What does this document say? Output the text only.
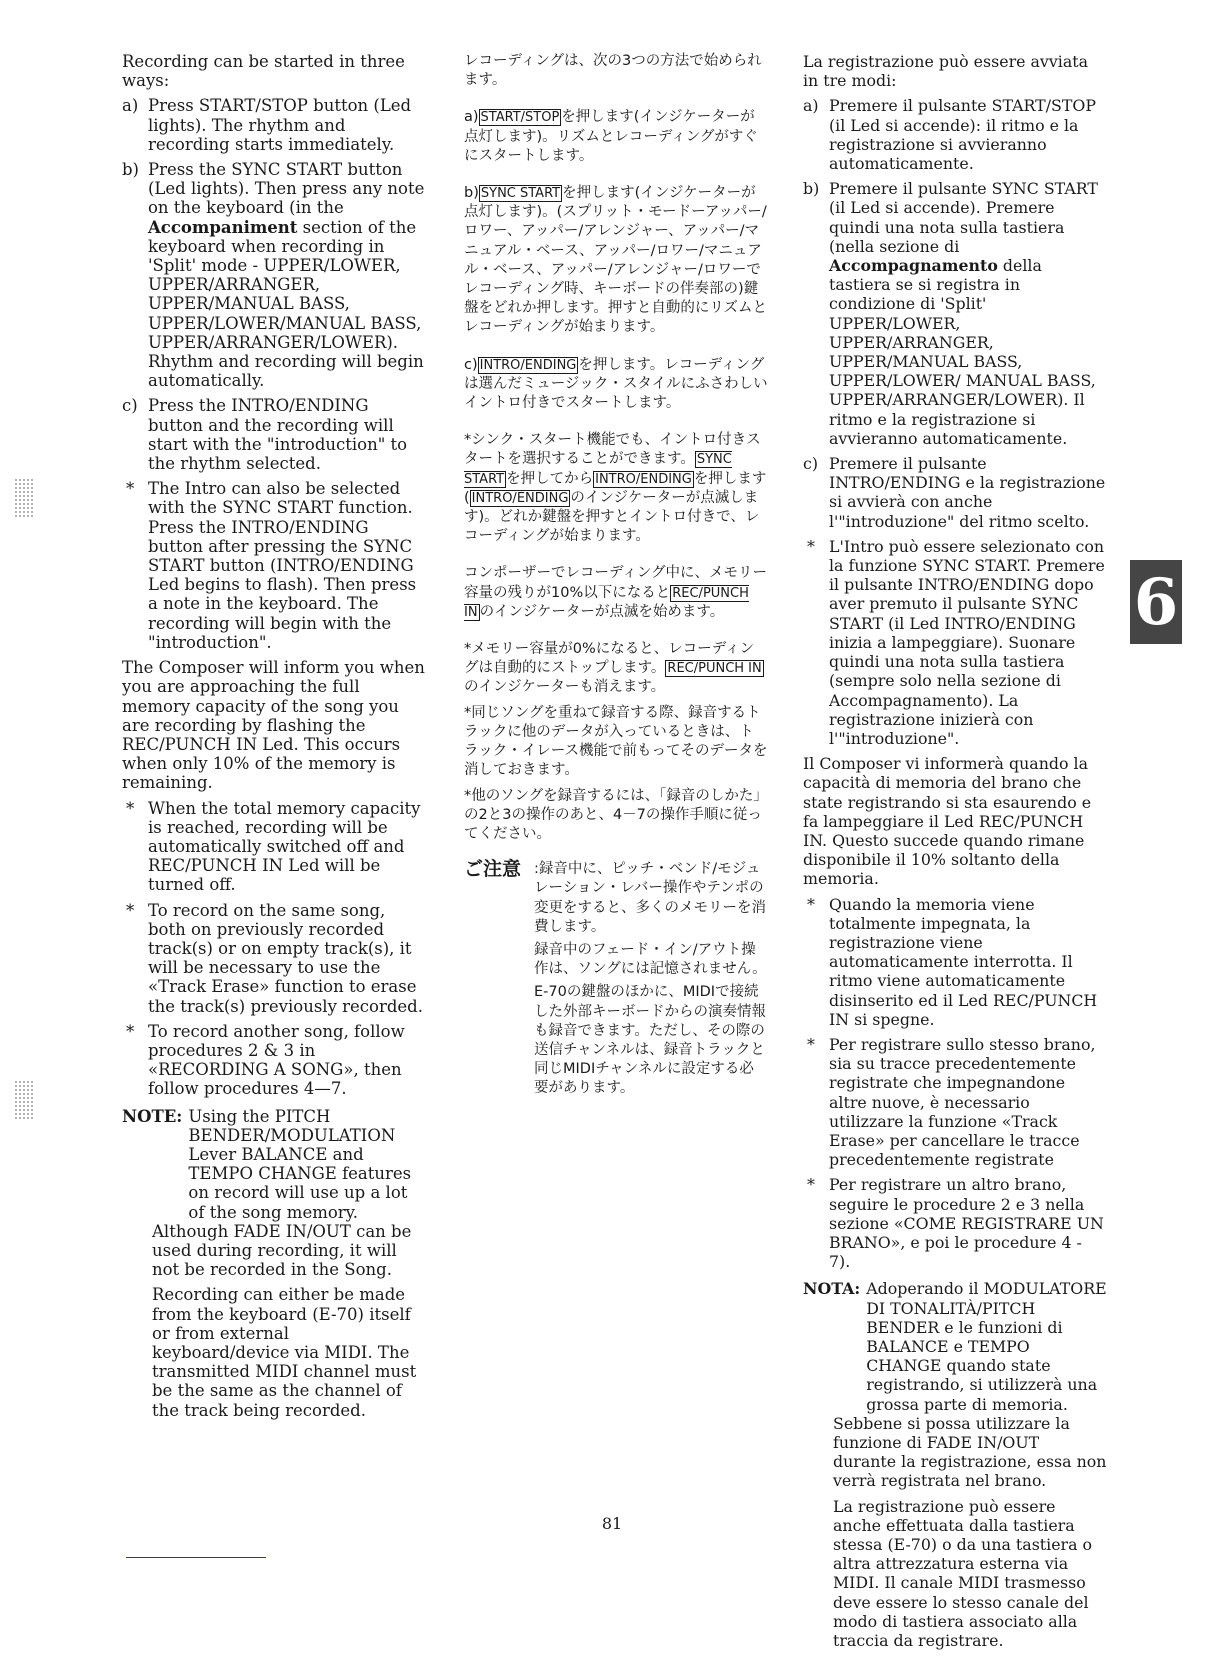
Recording can be started in three ways:

a) Press START/STOP button (Led lights). The rhythm and recording starts immediately.
b) Press the SYNC START button (Led lights). Then press any note on the keyboard (in the Accompaniment section of the keyboard when recording in 'Split' mode - UPPER/LOWER, UPPER/ARRANGER, UPPER/MANUAL BASS, UPPER/LOWER/MANUAL BASS, UPPER/ARRANGER/LOWER). Rhythm and recording will begin automatically.
c) Press the INTRO/ENDING button and the recording will start with the "introduction" to the rhythm selected.
* The Intro can also be selected with the SYNC START function. Press the INTRO/ENDING button after pressing the SYNC START button (INTRO/ENDING Led begins to flash). Then press a note in the keyboard. The recording will begin with the "introduction".

The Composer will inform you when you are approaching the full memory capacity of the song you are recording by flashing the REC/PUNCH IN Led. This occurs when only 10% of the memory is remaining.

* When the total memory capacity is reached, recording will be automatically switched off and REC/PUNCH IN Led will be turned off.
* To record on the same song, both on previously recorded track(s) or on empty track(s), it will be necessary to use the «Track Erase» function to erase the track(s) previously recorded.
* To record another song, follow procedures 2 & 3 in «RECORDING A SONG», then follow procedures 4—7.
NOTE: Using the PITCH BENDER/MODULATION Lever BALANCE and TEMPO CHANGE features on record will use up a lot of the song memory.

Although FADE IN/OUT can be used during recording, it will not be recorded in the Song.

Recording can either be made from the keyboard (E-70) itself or from external keyboard/device via MIDI. The transmitted MIDI channel must be the same as the channel of the track being recorded.

レコーディングは、次の3つの方法で始められます。

a) START/STOP を押します(インジケーターが点灯します)。リズムとレコーディングがすぐにスタートします。

b) SYNC START を押します(インジケーターが点灯します)。(スプリット・モードーアッパー/ロワー、アッパー/アレンジャー、アッパー/マニュアル・ベース、アッパー/ロワー/マニュアル・ベース、アッパー/アレンジャー/ロワーでレコーディング時、キーボードの伴奏部の)鍵盤をどれか押します。押すと自動的にリズムとレコーディングが始まります。

c) INTRO/ENDING を押します。レコーディングは選んだミュージック・スタイルにふさわしいイントロ付きでスタートします。

*シンク・スタート機能でも、イントロ付きスタートを選択することができます。 SYNC START を押してから INTRO/ENDING を押します( INTRO/ENDING のインジケーターが点滅します)。どれか鍵盤を押すとイントロ付きで、レコーディングが始まります。

コンポーザーでレコーディング中に、メモリー容量の残りが10%以下になると REC/PUNCH IN のインジケーターが点滅を始めます。

*メモリー容量が0%になると、レコーディングは自動的にストップします。 REC/PUNCH INのインジケーターも消えます。

*同じソングを重ねて録音する際、録音するトラックに他のデータが入っているときは、トラック・イレース機能で前もってそのデータを消しておきます。

*他のソングを録音するには、「録音のしかた」の2と3の操作のあと、4－7の操作手順に従ってください。

ご注意 :録音中に、ピッチ・ベンド/モジュレーション・レバー操作やテンポの変更をすると、多くのメモリーを消費します。

録音中のフェード・イン/アウト操作は、ソングには記憶されません。

E-70の鍵盤のほかに、MIDIで接続した外部キーボードからの演奏情報も録音できます。ただし、その際の送信チャンネルは、録音トラックと同じMIDIチャンネルに設定する必要があります。

La registrazione può essere avviata in tre modi:

a) Premere il pulsante START/STOP (il Led si accende): il ritmo e la registrazione si avvieranno automaticamente.
b) Premere il pulsante SYNC START (il Led si accende). Premere quindi una nota sulla tastiera (nella sezione di Accompagnamento della tastiera se si registra in condizione di 'Split' UPPER/LOWER, UPPER/ARRANGER, UPPER/MANUAL BASS, UPPER/LOWER/ MANUAL BASS, UPPER/ARRANGER/LOWER). Il ritmo e la registrazione si avvieranno automaticamente.
c) Premere il pulsante INTRO/ENDING e la registrazione si avvierà con anche l'"introduzione" del ritmo scelto.
* L'Intro può essere selezionato con la funzione SYNC START. Premere il pulsante INTRO/ENDING dopo aver premuto il pulsante SYNC START (il Led INTRO/ENDING inizia a lampeggiare). Suonare quindi una nota sulla tastiera (sempre solo nella sezione di Accompagnamento). La registrazione inizierà con l'"introduzione".

Il Composer vi informerà quando la capacità di memoria del brano che state registrando si sta esaurendo e fa lampeggiare il Led REC/PUNCH IN. Questo succede quando rimane disponibile il 10% soltanto della memoria.

* Quando la memoria viene totalmente impegnata, la registrazione viene automaticamente interrotta. Il ritmo viene automaticamente disinserito ed il Led REC/PUNCH IN si spegne.
* Per registrare sullo stesso brano, sia su tracce precedentemente registrate che impegnandone altre nuove, è necessario utilizzare la funzione «Track Erase» per cancellare le tracce precedentemente registrate
* Per registrare un altro brano, seguire le procedure 2 e 3 nella sezione «COME REGISTRARE UN BRANO», e poi le procedure 4 - 7).
NOTA: Adoperando il MODULATORE DI TONALITÀ/PITCH BENDER e le funzioni di BALANCE e TEMPO CHANGE quando state registrando, si utilizzerà una grossa parte di memoria.

Sebbene si possa utilizzare la funzione di FADE IN/OUT durante la registrazione, essa non verrà registrata nel brano.

La registrazione può essere anche effettuata dalla tastiera stessa (E-70) o da una tastiera o altra attrezzatura esterna via MIDI. Il canale MIDI trasmesso deve essere lo stesso canale del modo di tastiera associato alla traccia da registrare.

6
81
